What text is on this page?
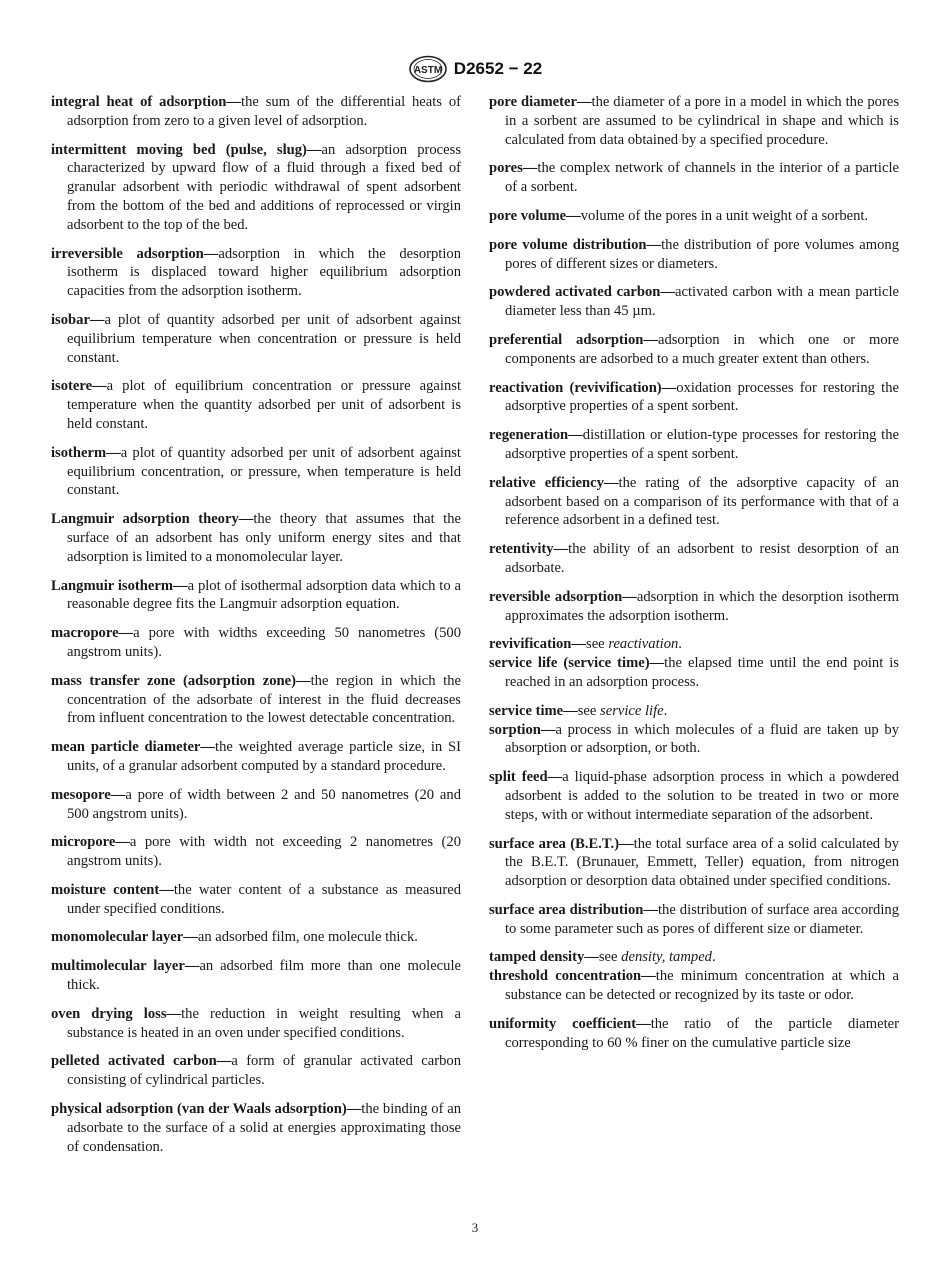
ASTM D2652 − 22

integral heat of adsorption—the sum of the differential heats of adsorption from zero to a given level of adsorption.

intermittent moving bed (pulse, slug)—an adsorption process characterized by upward flow of a fluid through a fixed bed of granular adsorbent with periodic withdrawal of spent adsorbent from the bottom of the bed and additions of reprocessed or virgin adsorbent to the top of the bed.

irreversible adsorption—adsorption in which the desorption isotherm is displaced toward higher equilibrium adsorption capacities from the adsorption isotherm.

isobar—a plot of quantity adsorbed per unit of adsorbent against equilibrium temperature when concentration or pressure is held constant.

isotere—a plot of equilibrium concentration or pressure against temperature when the quantity adsorbed per unit of adsorbent is held constant.

isotherm—a plot of quantity adsorbed per unit of adsorbent against equilibrium concentration, or pressure, when temperature is held constant.

Langmuir adsorption theory—the theory that assumes that the surface of an adsorbent has only uniform energy sites and that adsorption is limited to a monomolecular layer.

Langmuir isotherm—a plot of isothermal adsorption data which to a reasonable degree fits the Langmuir adsorption equation.

macropore—a pore with widths exceeding 50 nanometres (500 angstrom units).

mass transfer zone (adsorption zone)—the region in which the concentration of the adsorbate of interest in the fluid decreases from influent concentration to the lowest detectable concentration.

mean particle diameter—the weighted average particle size, in SI units, of a granular adsorbent computed by a standard procedure.

mesopore—a pore of width between 2 and 50 nanometres (20 and 500 angstrom units).

micropore—a pore with width not exceeding 2 nanometres (20 angstrom units).

moisture content—the water content of a substance as measured under specified conditions.

monomolecular layer—an adsorbed film, one molecule thick.

multimolecular layer—an adsorbed film more than one molecule thick.

oven drying loss—the reduction in weight resulting when a substance is heated in an oven under specified conditions.

pelleted activated carbon—a form of granular activated carbon consisting of cylindrical particles.

physical adsorption (van der Waals adsorption)—the binding of an adsorbate to the surface of a solid at energies approximating those of condensation.

pore diameter—the diameter of a pore in a model in which the pores in a sorbent are assumed to be cylindrical in shape and which is calculated from data obtained by a specified procedure.

pores—the complex network of channels in the interior of a particle of a sorbent.

pore volume—volume of the pores in a unit weight of a sorbent.

pore volume distribution—the distribution of pore volumes among pores of different sizes or diameters.

powdered activated carbon—activated carbon with a mean particle diameter less than 45 µm.

preferential adsorption—adsorption in which one or more components are adsorbed to a much greater extent than others.

reactivation (revivification)—oxidation processes for restoring the adsorptive properties of a spent sorbent.

regeneration—distillation or elution-type processes for restoring the adsorptive properties of a spent sorbent.

relative efficiency—the rating of the adsorptive capacity of an adsorbent based on a comparison of its performance with that of a reference adsorbent in a defined test.

retentivity—the ability of an adsorbent to resist desorption of an adsorbate.

reversible adsorption—adsorption in which the desorption isotherm approximates the adsorption isotherm.

revivification—see reactivation.

service life (service time)—the elapsed time until the end point is reached in an adsorption process.

service time—see service life.

sorption—a process in which molecules of a fluid are taken up by absorption or adsorption, or both.

split feed—a liquid-phase adsorption process in which a powdered adsorbent is added to the solution to be treated in two or more steps, with or without intermediate separation of the adsorbent.

surface area (B.E.T.)—the total surface area of a solid calculated by the B.E.T. (Brunauer, Emmett, Teller) equation, from nitrogen adsorption or desorption data obtained under specified conditions.

surface area distribution—the distribution of surface area according to some parameter such as pores of different size or diameter.

tamped density—see density, tamped.

threshold concentration—the minimum concentration at which a substance can be detected or recognized by its taste or odor.

uniformity coefficient—the ratio of the particle diameter corresponding to 60 % finer on the cumulative particle size

3
